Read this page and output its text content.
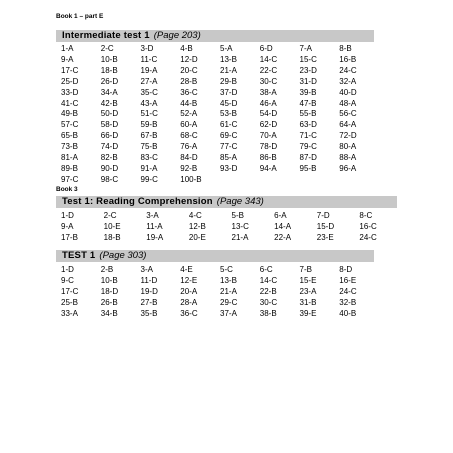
Book 1 – part E
Intermediate test 1 (Page 203)
1-A	2-C	3-D	4-B	5-A	6-D	7-A	8-B
9-A	10-B	11-C	12-D	13-B	14-C	15-C	16-B
17-C	18-B	19-A	20-C	21-A	22-C	23-D	24-C
25-D	26-D	27-A	28-B	29-B	30-C	31-D	32-A
33-D	34-A	35-C	36-C	37-D	38-A	39-B	40-D
41-C	42-B	43-A	44-B	45-D	46-A	47-B	48-A
49-B	50-D	51-C	52-A	53-B	54-D	55-B	56-C
57-C	58-D	59-B	60-A	61-C	62-D	63-D	64-A
65-B	66-D	67-B	68-C	69-C	70-A	71-C	72-D
73-B	74-D	75-B	76-A	77-C	78-D	79-C	80-A
81-A	82-B	83-C	84-D	85-A	86-B	87-D	88-A
89-B	90-D	91-A	92-B	93-D	94-A	95-B	96-A
97-C	98-C	99-C	100-B
Book 3
Test 1: Reading Comprehension (Page 343)
1-D	2-C	3-A	4-C	5-B	6-A	7-D	8-C
9-A	10-E	11-A	12-B	13-C	14-A	15-D	16-C
17-B	18-B	19-A	20-E	21-A	22-A	23-E	24-C
TEST 1 (Page 303)
1-D	2-B	3-A	4-E	5-C	6-C	7-B	8-D
9-C	10-B	11-D	12-E	13-B	14-C	15-E	16-E
17-C	18-D	19-D	20-A	21-A	22-B	23-A	24-C
25-B	26-B	27-B	28-A	29-C	30-C	31-B	32-B
33-A	34-B	35-B	36-C	37-A	38-B	39-E	40-B
